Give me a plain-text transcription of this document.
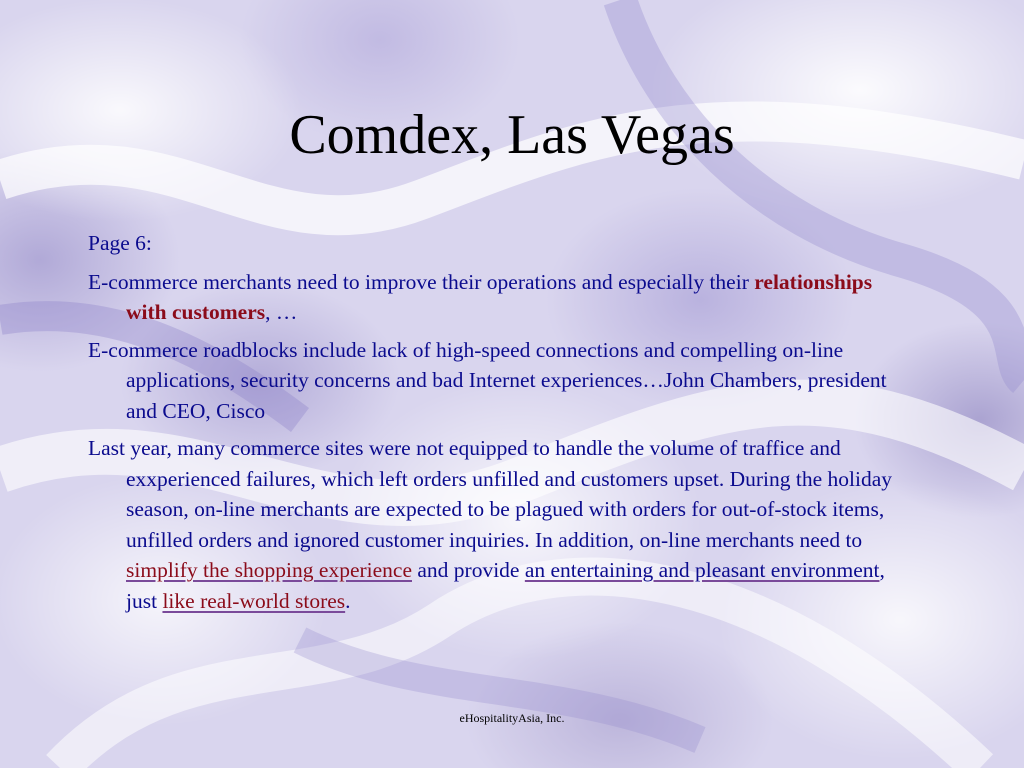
Comdex, Las Vegas

Page 6:

E-commerce merchants need to improve their operations and especially their relationships with customers, …

E-commerce roadblocks include lack of high-speed connections and compelling on-line applications, security concerns and bad Internet experiences…John Chambers, president and CEO, Cisco

Last year, many commerce sites were not equipped to handle the volume of traffice and exxperienced failures, which left orders unfilled and customers upset. During the holiday season, on-line merchants are expected to be plagued with orders for out-of-stock items, unfilled orders and ignored customer inquiries. In addition, on-line merchants need to simplify the shopping experience and provide an entertaining and pleasant environment, just like real-world stores.

eHospitalityAsia, Inc.
